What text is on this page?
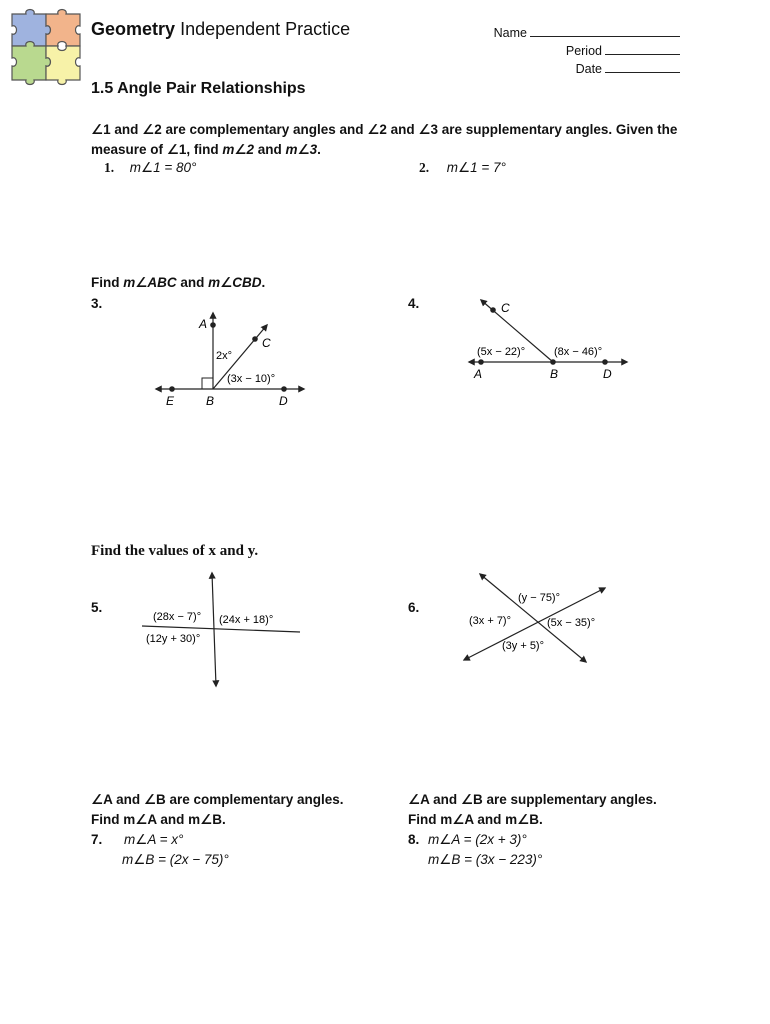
Geometry Independent Practice	Name
Period
Date
1.5 Angle Pair Relationships
∠1 and ∠2 are complementary angles and ∠2 and ∠3 are supplementary angles. Given the
measure of ∠1, find m∠2 and m∠3.
1. m∠1 = 80°	2. m∠1 = 7°
Find m∠ABC and m∠CBD.
3.	4.
A
C
E	B	D
2x°
(3x − 10)°
C
A	B	D
(5x − 22)°	(8x − 46)°
Find the values of x and y.
5.	6.
(28x − 7)° (24x + 18)°
(12y + 30)°
(y − 75)°
(3x + 7)°	(5x − 35)°
(3y + 5)°
∠A and ∠B are complementary angles.
Find m∠A and m∠B.
7. m∠A = x°
m∠B = (2x − 75)°
∠A and ∠B are supplementary angles.
Find m∠A and m∠B.
8. m∠A = (2x + 3)°
m∠B = (3x − 223)°
